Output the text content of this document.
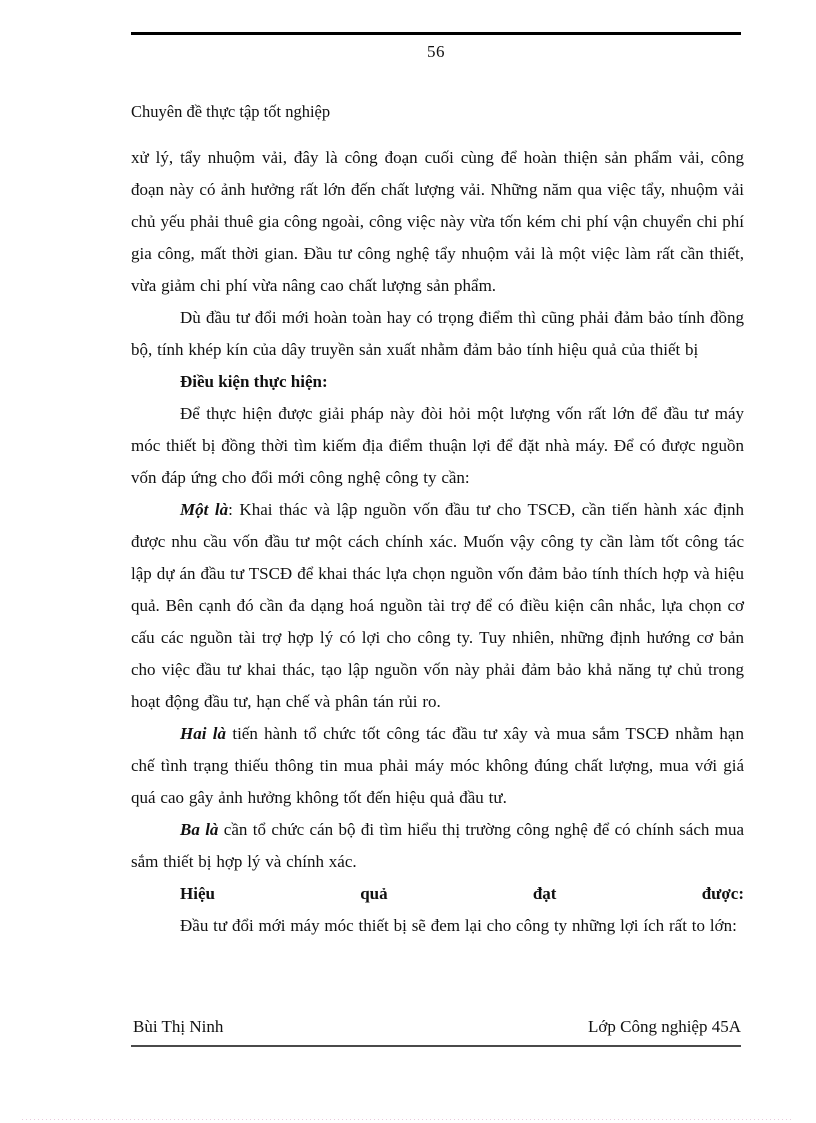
56
Chuyên đề thực tập tốt nghiệp

xử lý, tẩy nhuộm vải, đây là công đoạn cuối cùng để hoàn thiện sản phẩm vải, công đoạn này có ảnh hưởng rất lớn đến chất lượng vải. Những năm qua việc tẩy, nhuộm vải chủ yếu phải thuê gia công ngoài, công việc này vừa tốn kém chi phí vận chuyển chi phí gia công, mất thời gian. Đầu tư công nghệ tẩy nhuộm vải là một việc làm rất cần thiết, vừa giảm chi phí vừa nâng cao chất lượng sản phẩm.

Dù đầu tư đổi mới hoàn toàn hay có trọng điểm thì cũng phải đảm bảo tính đồng bộ, tính khép kín của dây truyền sản xuất nhằm đảm bảo tính hiệu quả của thiết bị

Điều kiện thực hiện:

Để thực hiện được giải pháp này đòi hỏi một lượng vốn rất lớn để đầu tư máy móc thiết bị đồng thời tìm kiếm địa điểm thuận lợi để đặt nhà máy. Để có được nguồn vốn đáp ứng cho đổi mới công nghệ công ty cần:

Một là: Khai thác và lập nguồn vốn đầu tư cho TSCĐ, cần tiến hành xác định được nhu cầu vốn đầu tư một cách chính xác. Muốn vậy công ty cần làm tốt công tác lập dự án đầu tư TSCĐ để khai thác lựa chọn nguồn vốn đảm bảo tính thích hợp và hiệu quả. Bên cạnh đó cần đa dạng hoá nguồn tài trợ để có điều kiện cân nhắc, lựa chọn cơ cấu các nguồn tài trợ hợp lý có lợi cho công ty. Tuy nhiên, những định hướng cơ bản cho việc đầu tư khai thác, tạo lập nguồn vốn này phải đảm bảo khả năng tự chủ trong hoạt động đầu tư, hạn chế và phân tán rủi ro.

Hai là tiến hành tổ chức tốt công tác đầu tư xây và mua sắm TSCĐ nhằm hạn chế tình trạng thiếu thông tin mua phải máy móc không đúng chất lượng, mua với giá quá cao gây ảnh hưởng không tốt đến hiệu quả đầu tư.

Ba là cần tổ chức cán bộ đi tìm hiểu thị trường công nghệ để có chính sách mua sắm thiết bị hợp lý và chính xác.

Hiệu	quả	đạt	được:

Đầu tư đổi mới máy móc thiết bị sẽ đem lại cho công ty những lợi ích rất to lớn:

Bùi Thị Ninh	Lớp Công nghiệp 45A
